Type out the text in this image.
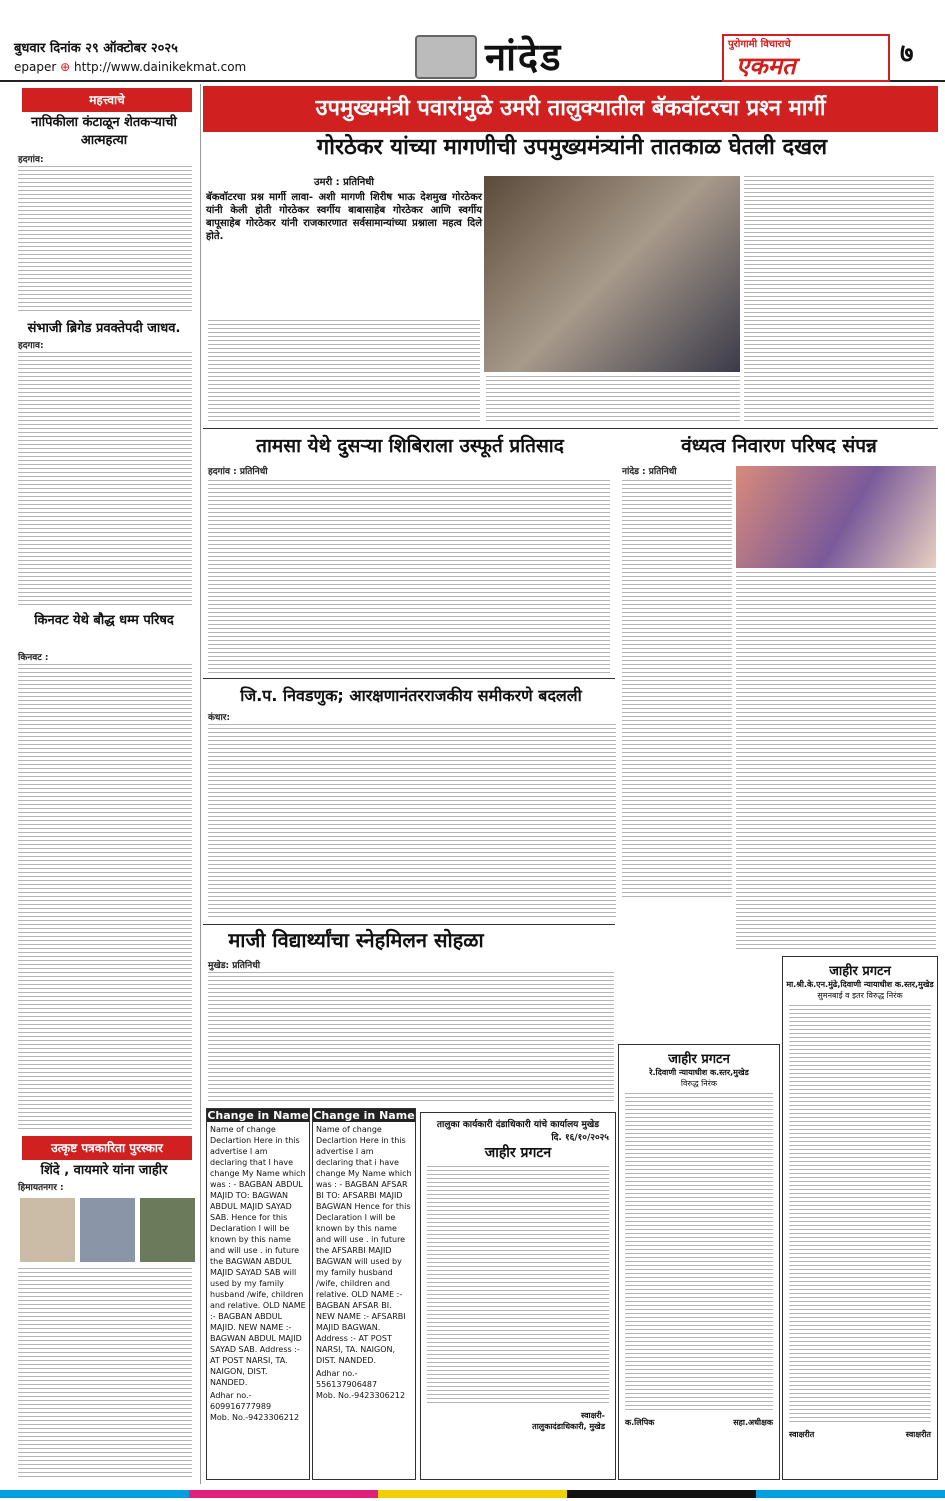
बुधवार दिनांक २९ ऑक्टोबर २०२५
epaper ⊕ http://www.dainikekmat.com	नांदेड	पुरोगामी विचाराचे
एकमत	७
महत्त्वाचे
नापिकीला कंटाळून शेतकऱ्याची आत्महत्या
हदगांव:
संभाजी ब्रिगेड प्रवक्तेपदी जाधव.
हदगाव:
किनवट येथे बौद्ध धम्म परिषद
किनवट :
उत्कृष्ट पत्रकारिता पुरस्कार
शिंदे , वायमारे यांना जाहीर
हिमायतनगर :
उपमुख्यमंत्री पवारांमुळे उमरी तालुक्यातील बॅकवॉटरचा प्रश्‍न मार्गी
गोरठेकर यांच्या मागणीची उपमुख्यमंत्र्यांनी तातकाळ घेतली दखल
उमरी : प्रतिनिधी
बॅकवॉटरचा प्रश्न मार्गी लावा- अशी मागणी शिरीष भाऊ देशमुख गोरठेकर यांनी केली होती गोरठेकर स्वर्गीय बाबासाहेब गोरठेकर आणि स्वर्गीय बापूसाहेब गोरठेकर यांनी राजकारणात सर्वसामान्यांच्या प्रश्नाला महत्व दिले होते.
तामसा येथे दुसऱ्या शिबिराला उस्फूर्त प्रतिसाद
हदगांव : प्रतिनिधी
वंध्यत्व निवारण परिषद संपन्न
नांदेड : प्रतिनिधी
जि.प. निवडणुक; आरक्षणानंतरराजकीय समीकरणे बदलली
कंधार:
माजी विद्यार्थ्यांचा स्नेहमिलन सोहळा
मुखेड: प्रतिनिधी
Change in Name
Name of change Declartion Here in this advertise I am declaring that I have change My Name which was : - BAGBAN ABDUL MAJID TO: BAGWAN ABDUL MAJID SAYAD SAB. Hence for this Declaration I will be known by this name and will use . in future the BAGWAN ABDUL MAJID SAYAD SAB will used by my family husband /wife, children and relative. OLD NAME :- BAGBAN ABDUL MAJID. NEW NAME :- BAGWAN ABDUL MAJID SAYAD SAB. Address :- AT POST NARSI, TA. NAIGON, DIST. NANDED.
Adhar no.- 609916777989
Mob. No.-9423306212
Change in Name
Name of change Declartion Here in this advertise I am declaring that i have change My Name which was : - BAGBAN AFSAR BI TO: AFSARBI MAJID BAGWAN Hence for this Declaration I will be known by this name and will use . in future the AFSARBI MAJID BAGWAN will used by my family husband /wife, children and relative. OLD NAME :- BAGBAN AFSAR BI. NEW NAME :- AFSARBI MAJID BAGWAN. Address :- AT POST NARSI, TA. NAIGON, DIST. NANDED.
Adhar no.- 556137906487
Mob. No.-9423306212
तालुका कार्यकारी दंडाधिकारी यांचे कार्यालय मुखेड
दि. १६/१०/२०२५
जाहीर प्रगटन
स्वाक्षरी-
तालुकादंडाधिकारी, मुखेड
जाहीर प्रगटन
रे.दिवाणी न्यायाधीश क.स्तर,मुखेड
विरुद्ध निरंक
क.लिपिक	सहा.अधीक्षक
जाहीर प्रगटन
मा.श्री.के.एन.मुंढे,दिवाणी न्यायाधीश क.स्तर,मुखेड
सुमनबाई व इतर विरुद्ध निरंक
स्वाक्षरीत	स्वाक्षरीत
